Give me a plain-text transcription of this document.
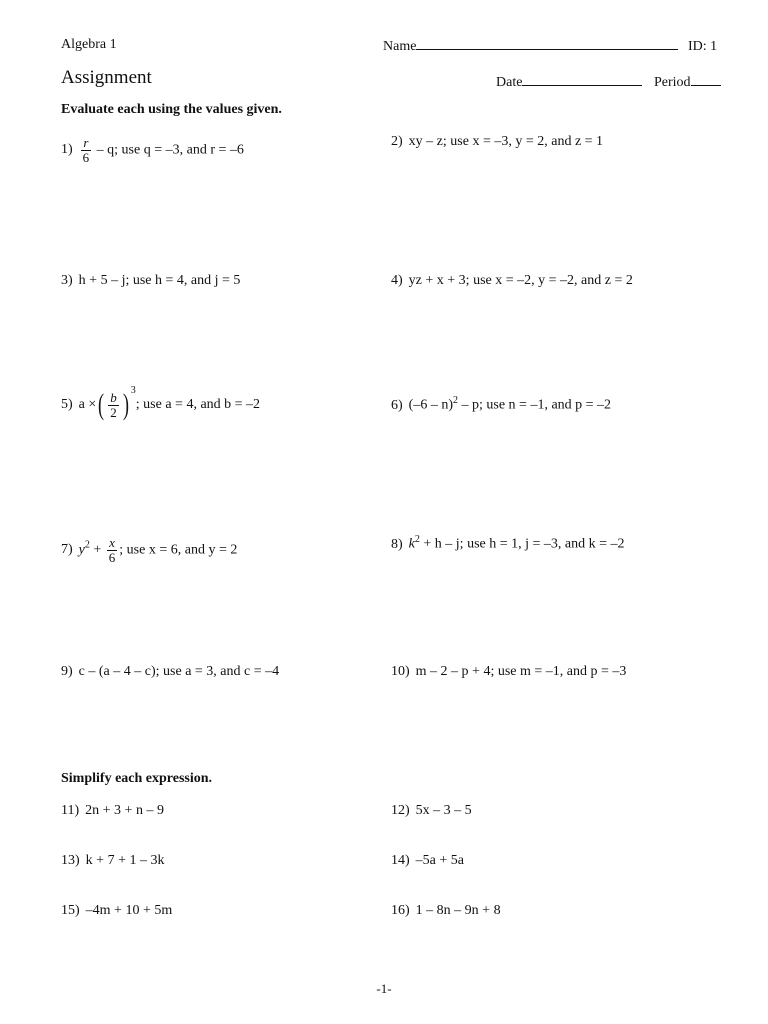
Algebra 1
Assignment
Name	ID: 1
Date	Period
Evaluate each using the values given.
$1) \frac{r}{6}$ – q; use q = –3, and r = –6
2) xy – z; use x = –3, y = 2, and z = 1
3) h + 5 – j; use h = 4, and j = 5	4) yz + x + 3; use x = –2, y = –2, and z = 2
5) a ×( $\frac{b}{2}$ ) $^3$; use a = 4, and b = –2	6) (–6 – n)$^2$ – p; use n = –1, and p = –2
7) $y^2 + \frac{x}{6}$ ; use x = 6, and y = 2	8) $k^2 + h - j$; use h = 1, j = –3, and k = –2
9) c – (a – 4 – c); use a = 3, and c = –4	10) m – 2 – p + 4; use m = –1, and p = –3
Simplify each expression.
11) 2n + 3 + n – 9	12) 5x – 3 – 5
13) k + 7 + 1 – 3k	14) –5a + 5a
15) –4m + 10 + 5m	16) 1 – 8n – 9n + 8
-1-
